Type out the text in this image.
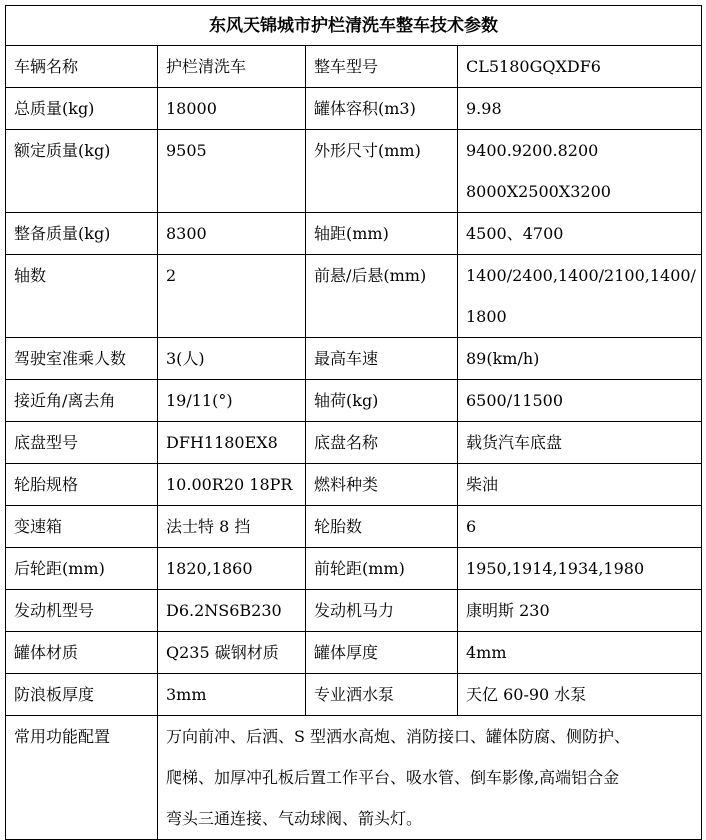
东风天锦城市护栏清洗车整车技术参数			
车辆名称	护栏清洗车	整车型号	CL5180GQXDF6
总质量(kg)	18000	罐体容积(m3)	9.98
额定质量(kg)	9505	外形尺寸(mm)	9400.9200.8200
8000X2500X3200

整备质量(kg)	8300	轴距(mm)	4500、4700
轴数	2	前悬/后悬(mm)	1400/2400,1400/2100,1400/
1800

驾驶室准乘人数	3(人)	最高车速	89(km/h)
接近角/离去角	19/11(°)	轴荷(kg)	6500/11500
底盘型号	DFH1180EX8	底盘名称	载货汽车底盘
轮胎规格	10.00R20 18PR	燃料种类	柴油
变速箱	法士特 8 挡	轮胎数	6
后轮距(mm)	1820,1860	前轮距(mm)	1950,1914,1934,1980
发动机型号	D6.2NS6B230	发动机马力	康明斯 230
罐体材质	Q235 碳钢材质	罐体厚度	4mm
防浪板厚度	3mm	专业洒水泵	天亿 60-90 水泵
常用功能配置	万向前冲、后洒、S 型洒水高炮、消防接口、罐体防腐、侧防护、
爬梯、加厚冲孔板后置工作平台、吸水管、倒车影像,高端铝合金
弯头三通连接、气动球阀、箭头灯。		
